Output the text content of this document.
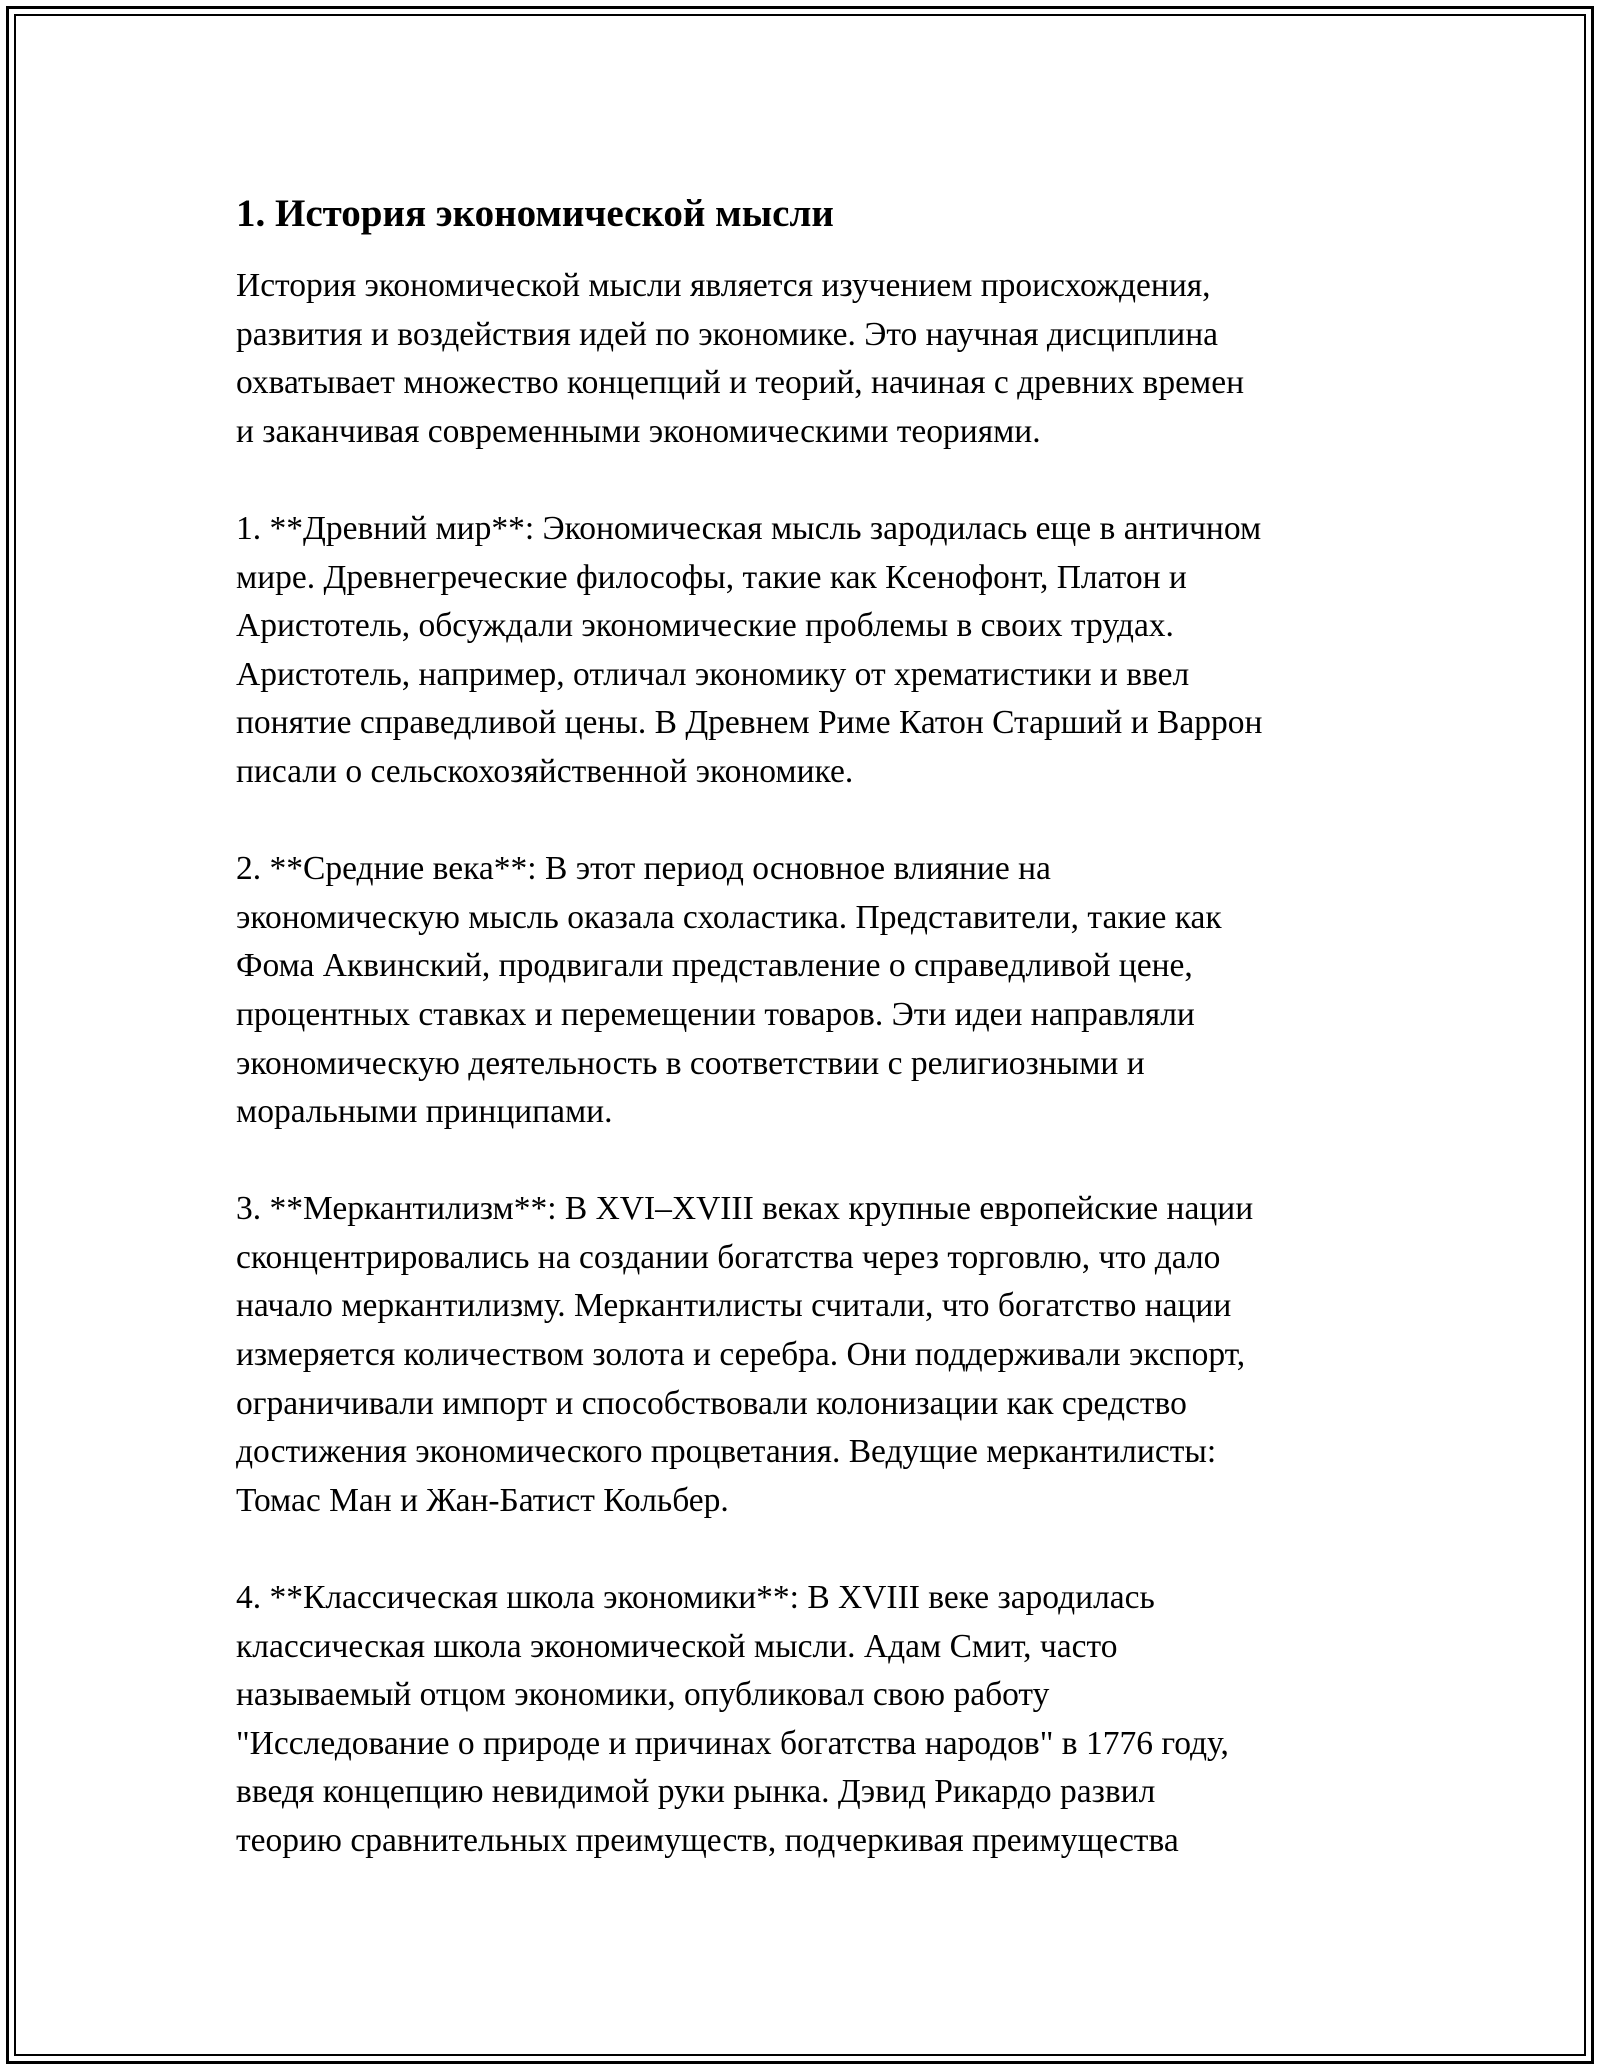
1. История экономической мысли

История экономической мысли является изучением происхождения,
развития и воздействия идей по экономике. Это научная дисциплина
охватывает множество концепций и теорий, начиная с древних времен
и заканчивая современными экономическими теориями.

1. **Древний мир**: Экономическая мысль зародилась еще в античном
мире. Древнегреческие философы, такие как Ксенофонт, Платон и
Аристотель, обсуждали экономические проблемы в своих трудах.
Аристотель, например, отличал экономику от хрематистики и ввел
понятие справедливой цены. В Древнем Риме Катон Старший и Варрон
писали о сельскохозяйственной экономике.

2. **Средние века**: В этот период основное влияние на
экономическую мысль оказала схоластика. Представители, такие как
Фома Аквинский, продвигали представление о справедливой цене,
процентных ставках и перемещении товаров. Эти идеи направляли
экономическую деятельность в соответствии с религиозными и
моральными принципами.

3. **Меркантилизм**: В XVI–XVIII веках крупные европейские нации
сконцентрировались на создании богатства через торговлю, что дало
начало меркантилизму. Меркантилисты считали, что богатство нации
измеряется количеством золота и серебра. Они поддерживали экспорт,
ограничивали импорт и способствовали колонизации как средство
достижения экономического процветания. Ведущие меркантилисты:
Томас Ман и Жан-Батист Кольбер.

4. **Классическая школа экономики**: В XVIII веке зародилась
классическая школа экономической мысли. Адам Смит, часто
называемый отцом экономики, опубликовал свою работу
"Исследование о природе и причинах богатства народов" в 1776 году,
введя концепцию невидимой руки рынка. Дэвид Рикардо развил
теорию сравнительных преимуществ, подчеркивая преимущества
